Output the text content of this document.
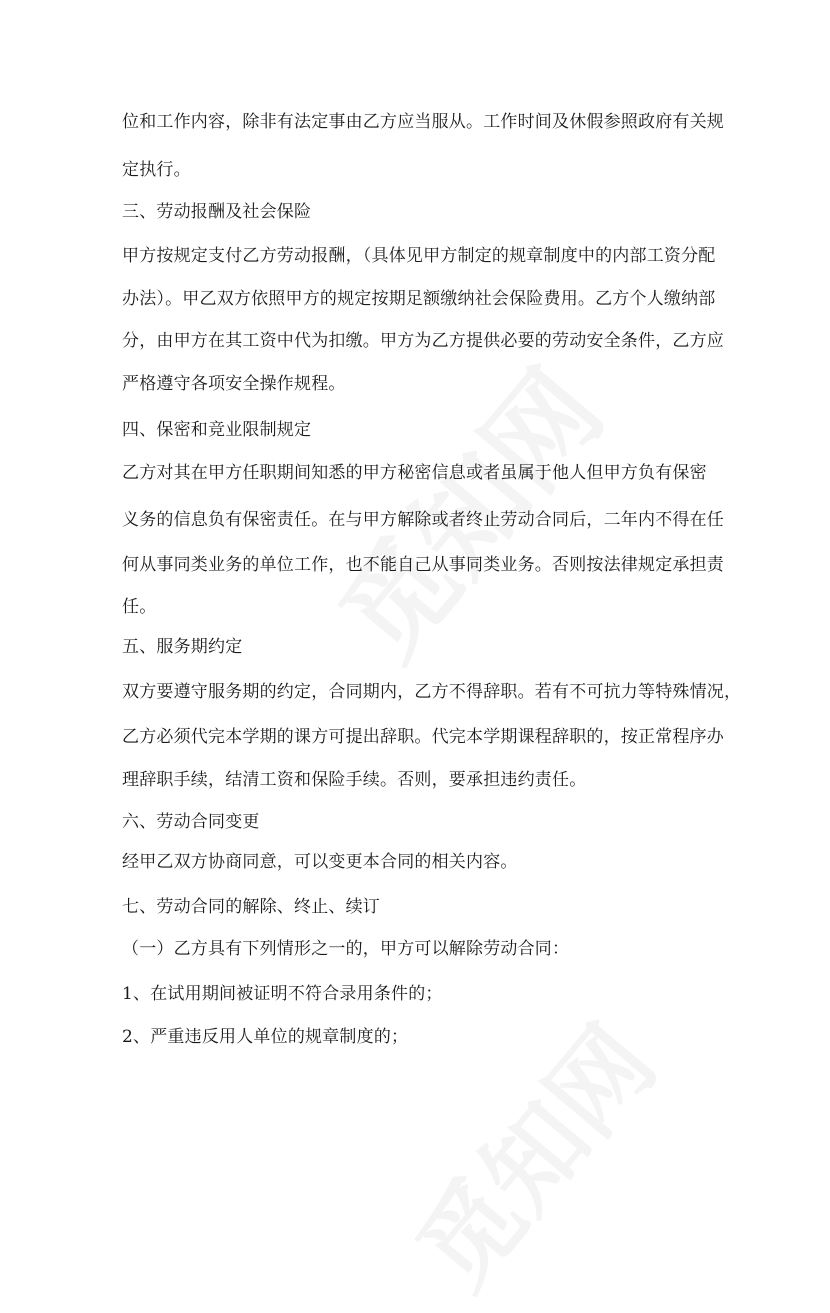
位和工作内容，除非有法定事由乙方应当服从。工作时间及休假参照政府有关规
定执行。
三、劳动报酬及社会保险
甲方按规定支付乙方劳动报酬，（具体见甲方制定的规章制度中的内部工资分配
办法）。甲乙双方依照甲方的规定按期足额缴纳社会保险费用。乙方个人缴纳部
分，由甲方在其工资中代为扣缴。甲方为乙方提供必要的劳动安全条件，乙方应
严格遵守各项安全操作规程。
四、保密和竞业限制规定
乙方对其在甲方任职期间知悉的甲方秘密信息或者虽属于他人但甲方负有保密
义务的信息负有保密责任。在与甲方解除或者终止劳动合同后，二年内不得在任
何从事同类业务的单位工作，也不能自己从事同类业务。否则按法律规定承担责
任。
五、服务期约定
双方要遵守服务期的约定，合同期内，乙方不得辞职。若有不可抗力等特殊情况，
乙方必须代完本学期的课方可提出辞职。代完本学期课程辞职的，按正常程序办
理辞职手续，结清工资和保险手续。否则，要承担违约责任。
六、劳动合同变更
经甲乙双方协商同意，可以变更本合同的相关内容。
七、劳动合同的解除、终止、续订
（一）乙方具有下列情形之一的，甲方可以解除劳动合同：
1、在试用期间被证明不符合录用条件的；
2、严重违反用人单位的规章制度的；
